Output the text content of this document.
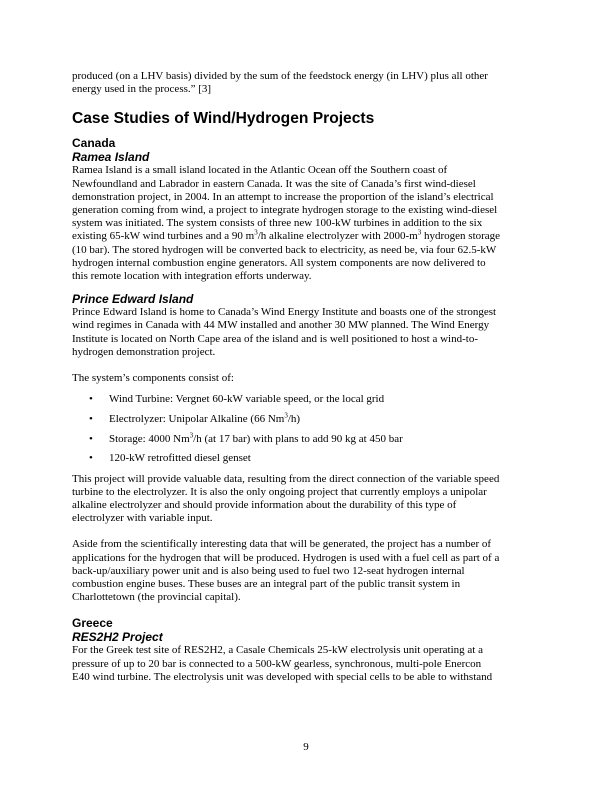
produced (on a LHV basis) divided by the sum of the feedstock energy (in LHV) plus all other
energy used in the process.” [3]

Case Studies of Wind/Hydrogen Projects
Canada
Ramea Island

Ramea Island is a small island located in the Atlantic Ocean off the Southern coast of
Newfoundland and Labrador in eastern Canada. It was the site of Canada’s first wind-diesel
demonstration project, in 2004. In an attempt to increase the proportion of the island’s electrical
generation coming from wind, a project to integrate hydrogen storage to the existing wind-diesel
system was initiated. The system consists of three new 100-kW turbines in addition to the six
existing 65-kW wind turbines and a 90 $m^3/h$ alkaline electrolyzer with $2000-m^3$ hydrogen storage
(10 bar). The stored hydrogen will be converted back to electricity, as need be, via four 62.5-kW
hydrogen internal combustion engine generators. All system components are now delivered to
this remote location with integration efforts underway.

Prince Edward Island

Prince Edward Island is home to Canada’s Wind Energy Institute and boasts one of the strongest
wind regimes in Canada with 44 MW installed and another 30 MW planned. The Wind Energy
Institute is located on North Cape area of the island and is well positioned to host a wind-to-
hydrogen demonstration project.

The system’s components consist of:

• Wind Turbine: Vergnet 60-kW variable speed, or the local grid
• Electrolyzer: Unipolar Alkaline (66 Nm$^3$/h)
• Storage: 4000 Nm$^3$/h (at 17 bar) with plans to add 90 kg at 450 bar
• 120-kW retrofitted diesel genset

This project will provide valuable data, resulting from the direct connection of the variable speed
turbine to the electrolyzer. It is also the only ongoing project that currently employs a unipolar
alkaline electrolyzer and should provide information about the durability of this type of
electrolyzer with variable input.

Aside from the scientifically interesting data that will be generated, the project has a number of
applications for the hydrogen that will be produced. Hydrogen is used with a fuel cell as part of a
back-up/auxiliary power unit and is also being used to fuel two 12-seat hydrogen internal
combustion engine buses. These buses are an integral part of the public transit system in
Charlottetown (the provincial capital).

Greece
RES2H2 Project

For the Greek test site of RES2H2, a Casale Chemicals 25-kW electrolysis unit operating at a
pressure of up to 20 bar is connected to a 500-kW gearless, synchronous, multi-pole Enercon
E40 wind turbine. The electrolysis unit was developed with special cells to be able to withstand

9
